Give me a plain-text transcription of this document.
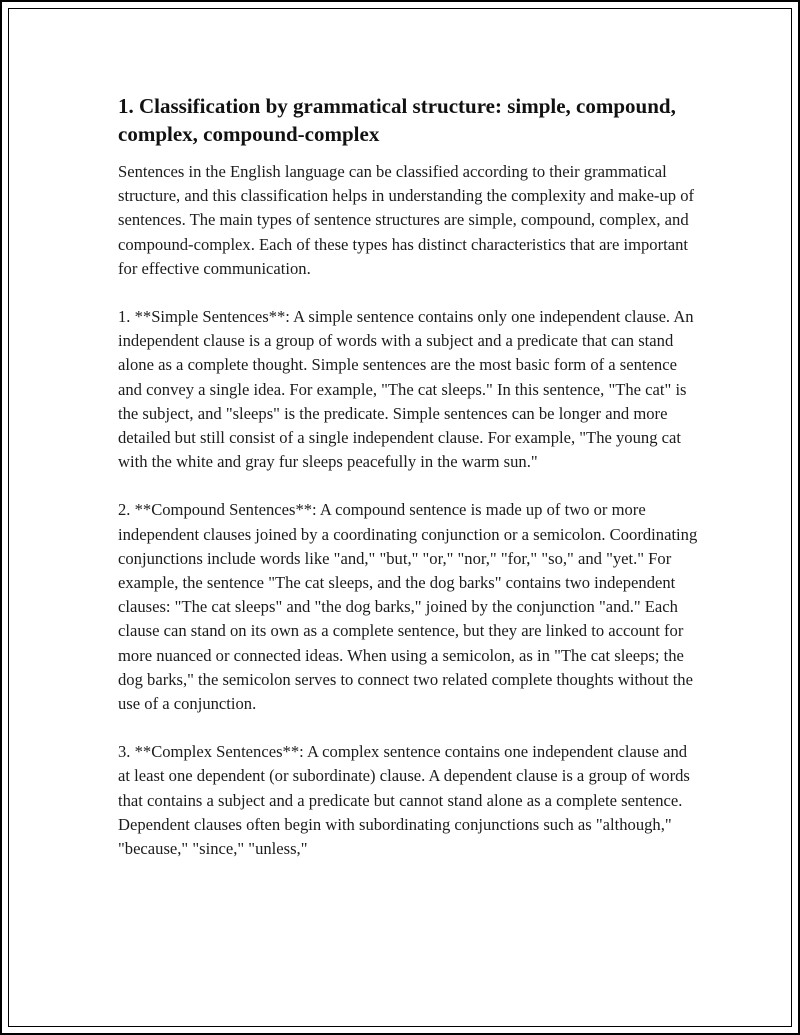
1. Classification by grammatical structure: simple, compound, complex, compound-complex

Sentences in the English language can be classified according to their grammatical structure, and this classification helps in understanding the complexity and make-up of sentences. The main types of sentence structures are simple, compound, complex, and compound-complex. Each of these types has distinct characteristics that are important for effective communication.

1. **Simple Sentences**: A simple sentence contains only one independent clause. An independent clause is a group of words with a subject and a predicate that can stand alone as a complete thought. Simple sentences are the most basic form of a sentence and convey a single idea. For example, "The cat sleeps." In this sentence, "The cat" is the subject, and "sleeps" is the predicate. Simple sentences can be longer and more detailed but still consist of a single independent clause. For example, "The young cat with the white and gray fur sleeps peacefully in the warm sun."

2. **Compound Sentences**: A compound sentence is made up of two or more independent clauses joined by a coordinating conjunction or a semicolon. Coordinating conjunctions include words like "and," "but," "or," "nor," "for," "so," and "yet." For example, the sentence "The cat sleeps, and the dog barks" contains two independent clauses: "The cat sleeps" and "the dog barks," joined by the conjunction "and." Each clause can stand on its own as a complete sentence, but they are linked to account for more nuanced or connected ideas. When using a semicolon, as in "The cat sleeps; the dog barks," the semicolon serves to connect two related complete thoughts without the use of a conjunction.

3. **Complex Sentences**: A complex sentence contains one independent clause and at least one dependent (or subordinate) clause. A dependent clause is a group of words that contains a subject and a predicate but cannot stand alone as a complete sentence. Dependent clauses often begin with subordinating conjunctions such as "although," "because," "since," "unless,"
